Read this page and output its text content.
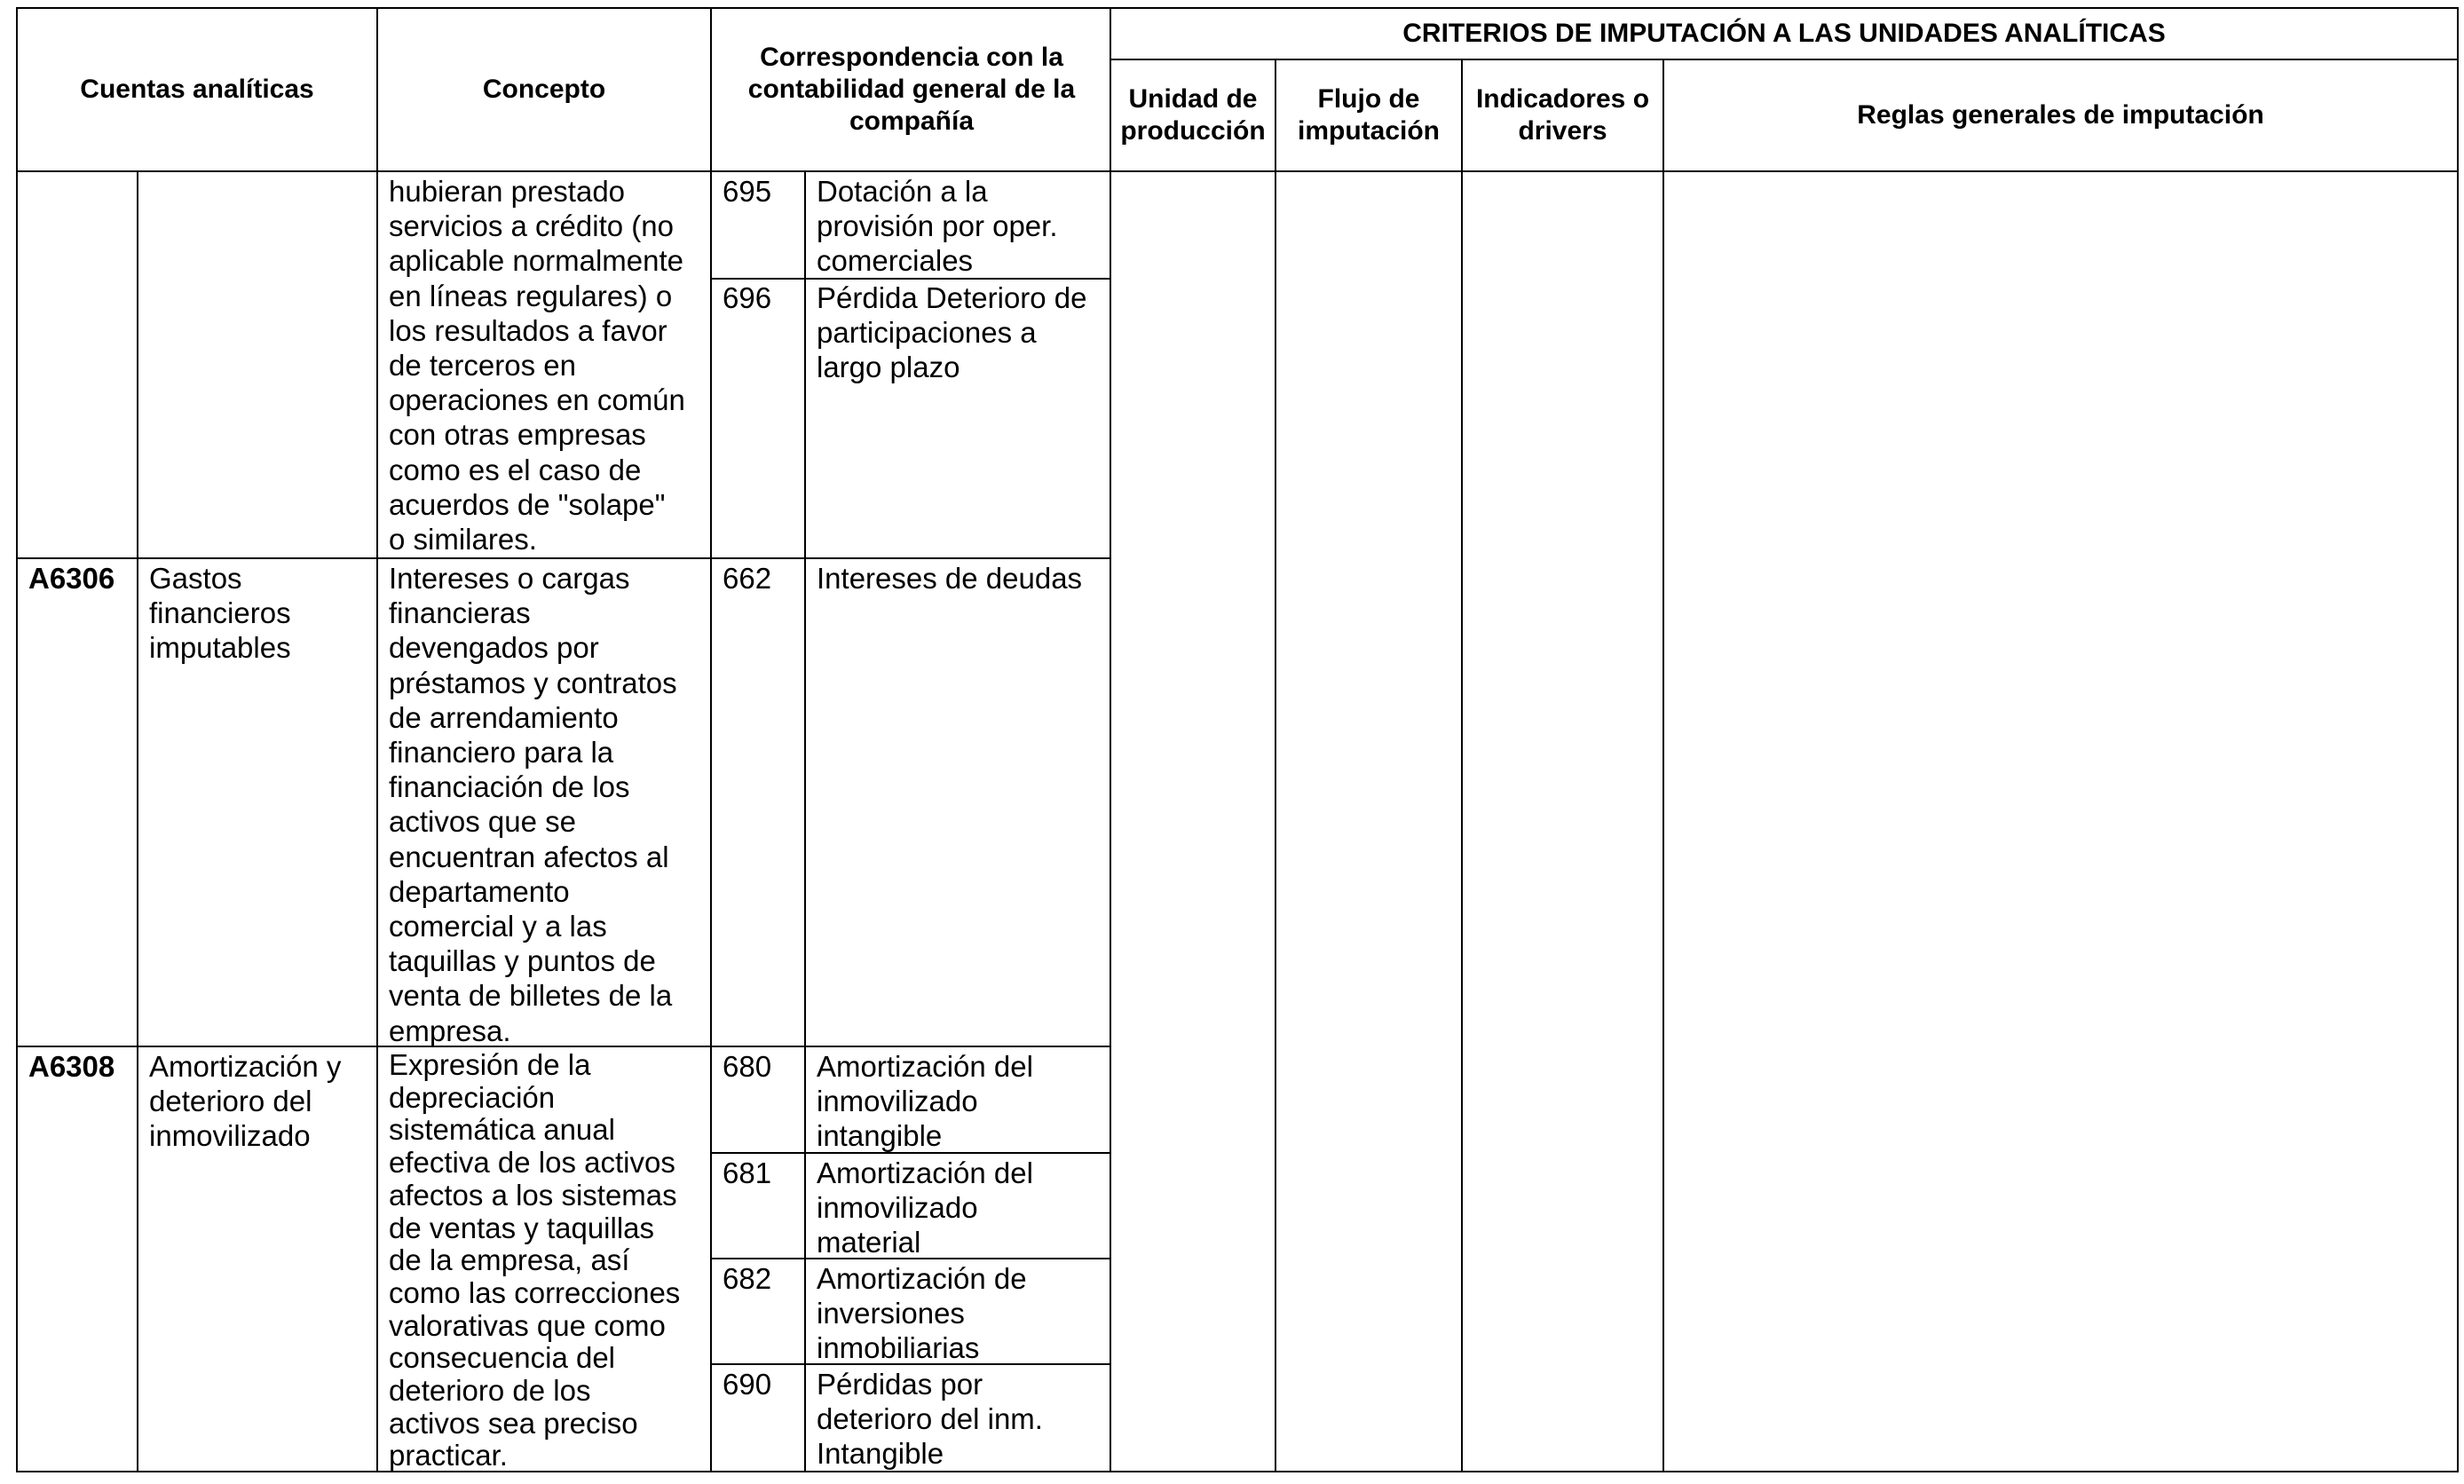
Cuentas analíticas	Concepto
Correspondencia con la contabilidad general de la compañía
CRITERIOS DE IMPUTACIÓN A LAS UNIDADES ANALÍTICAS
Unidad de producción
Flujo de imputación
Indicadores o drivers
Reglas generales de imputación
hubieran prestado
servicios a crédito (no
aplicable normalmente
en líneas regulares) o
los resultados a favor
de terceros en
operaciones en común
con otras empresas
como es el caso de
acuerdos de "solape"
o similares.
695 Dotación a la
provisión por oper.
comerciales
696 Pérdida Deterioro de
participaciones a
largo plazo
A6306 Gastos
financieros
imputables
Intereses o cargas
financieras
devengados por
préstamos y contratos
de arrendamiento
financiero para la
financiación de los
activos que se
encuentran afectos al
departamento
comercial y a las
taquillas y puntos de
venta de billetes de la
empresa.
662 Intereses de deudas
A6308 Amortización y
deterioro del
inmovilizado
Expresión de la
depreciación
sistemática anual
efectiva de los activos
afectos a los sistemas
de ventas y taquillas
de la empresa, así
como las correcciones
valorativas que como
consecuencia del
deterioro de los
activos sea preciso
practicar.
680 Amortización del
inmovilizado
intangible
681 Amortización del
inmovilizado
material
682 Amortización de
inversiones
inmobiliarias
690 Pérdidas por
deterioro del inm.
Intangible
